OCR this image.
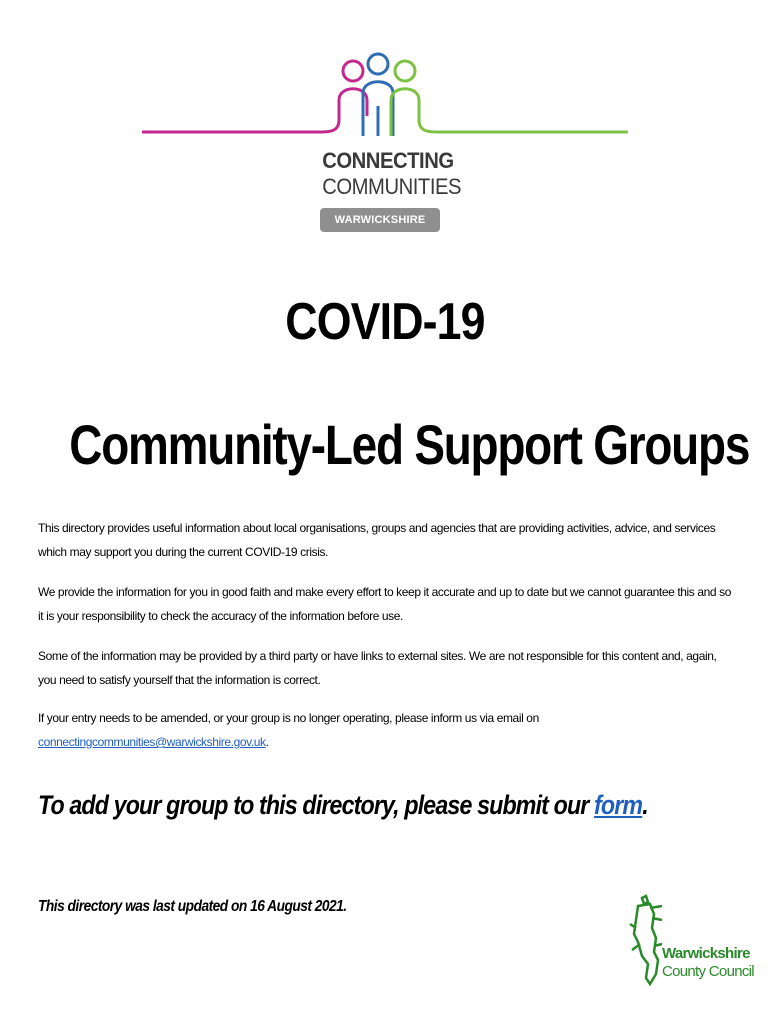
CONNECTING
COMMUNITIES
WARWICKSHIRE
COVID-19
Community-Led Support Groups
This directory provides useful information about local organisations, groups and agencies that are providing activities, advice, and services which may support you during the current COVID-19 crisis.
We provide the information for you in good faith and make every effort to keep it accurate and up to date but we cannot guarantee this and so it is your responsibility to check the accuracy of the information before use.
Some of the information may be provided by a third party or have links to external sites. We are not responsible for this content and, again, you need to satisfy yourself that the information is correct.
If your entry needs to be amended, or your group is no longer operating, please inform us via email on connectingcommunities@warwickshire.gov.uk.
To add your group to this directory, please submit our form.
This directory was last updated on 16 August 2021.
Warwickshire
County Council
